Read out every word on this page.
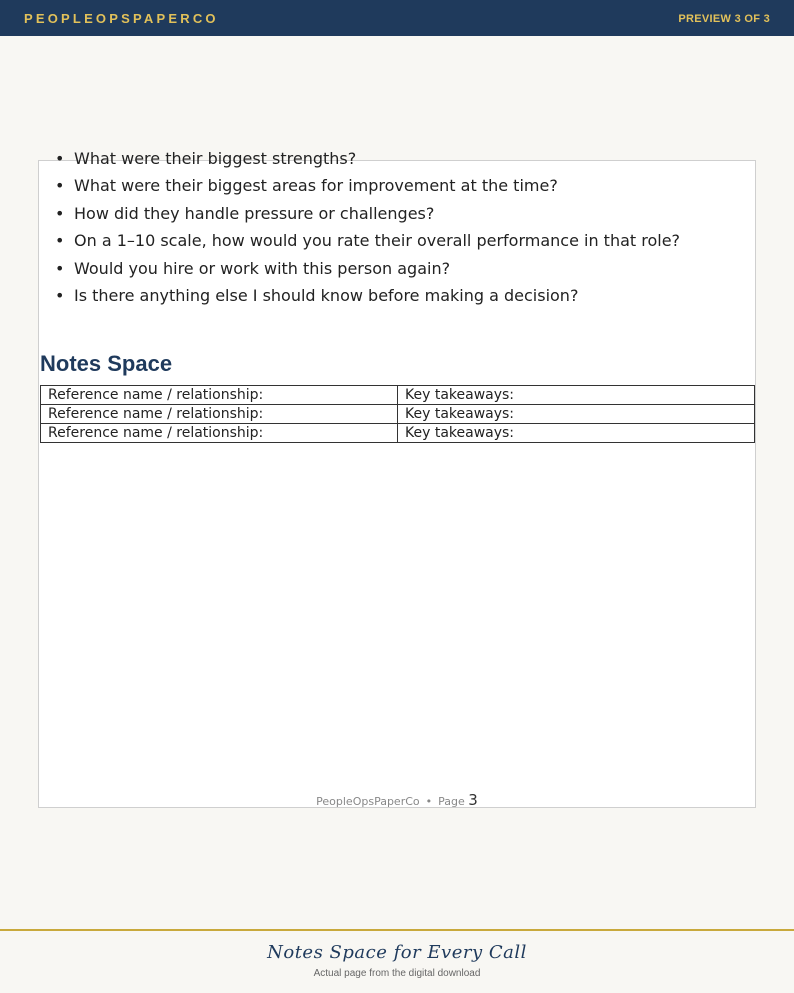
PEOPLEOPSPAPERCO	PREVIEW 3 OF 3
• What were their biggest strengths?
• What were their biggest areas for improvement at the time?
• How did they handle pressure or challenges?
• On a 1–10 scale, how would you rate their overall performance in that role?
• Would you hire or work with this person again?
• Is there anything else I should know before making a decision?
Notes Space
Reference name / relationship:	Key takeaways:
Reference name / relationship:	Key takeaways:
Reference name / relationship:	Key takeaways:
PeopleOpsPaperCo • Page 3
Notes Space for Every Call
Actual page from the digital download
